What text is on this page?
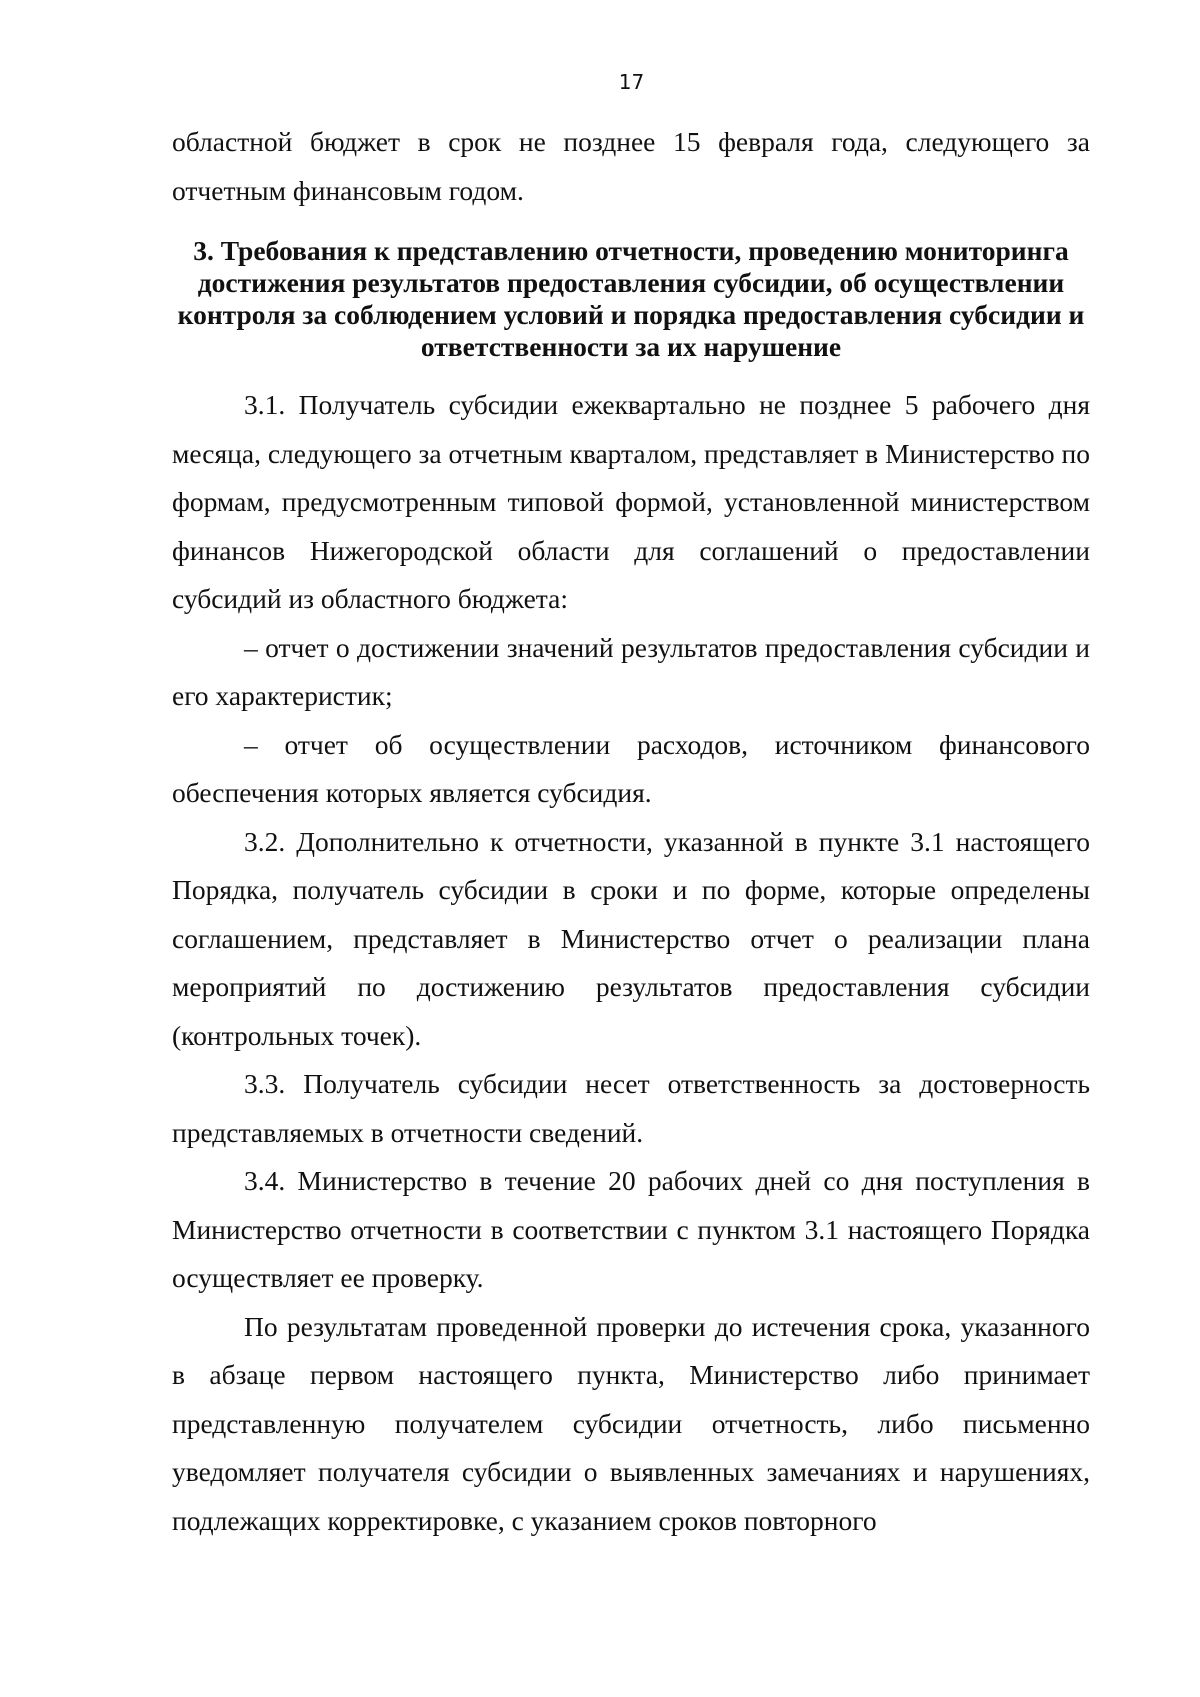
17

областной бюджет в срок не позднее 15 февраля года, следующего за отчетным финансовым годом.

3. Требования к представлению отчетности, проведению мониторинга достижения результатов предоставления субсидии, об осуществлении контроля за соблюдением условий и порядка предоставления субсидии и ответственности за их нарушение

3.1. Получатель субсидии ежеквартально не позднее 5 рабочего дня месяца, следующего за отчетным кварталом, представляет в Министерство по формам, предусмотренным типовой формой, установленной министерством финансов Нижегородской области для соглашений о предоставлении субсидий из областного бюджета:

– отчет о достижении значений результатов предоставления субсидии и его характеристик;

– отчет об осуществлении расходов, источником финансового обеспечения которых является субсидия.

3.2. Дополнительно к отчетности, указанной в пункте 3.1 настоящего Порядка, получатель субсидии в сроки и по форме, которые определены соглашением, представляет в Министерство отчет о реализации плана мероприятий по достижению результатов предоставления субсидии (контрольных точек).

3.3. Получатель субсидии несет ответственность за достоверность представляемых в отчетности сведений.

3.4. Министерство в течение 20 рабочих дней со дня поступления в Министерство отчетности в соответствии с пунктом 3.1 настоящего Порядка осуществляет ее проверку.

По результатам проведенной проверки до истечения срока, указанного в абзаце первом настоящего пункта, Министерство либо принимает представленную получателем субсидии отчетность, либо письменно уведомляет получателя субсидии о выявленных замечаниях и нарушениях, подлежащих корректировке, с указанием сроков повторного
